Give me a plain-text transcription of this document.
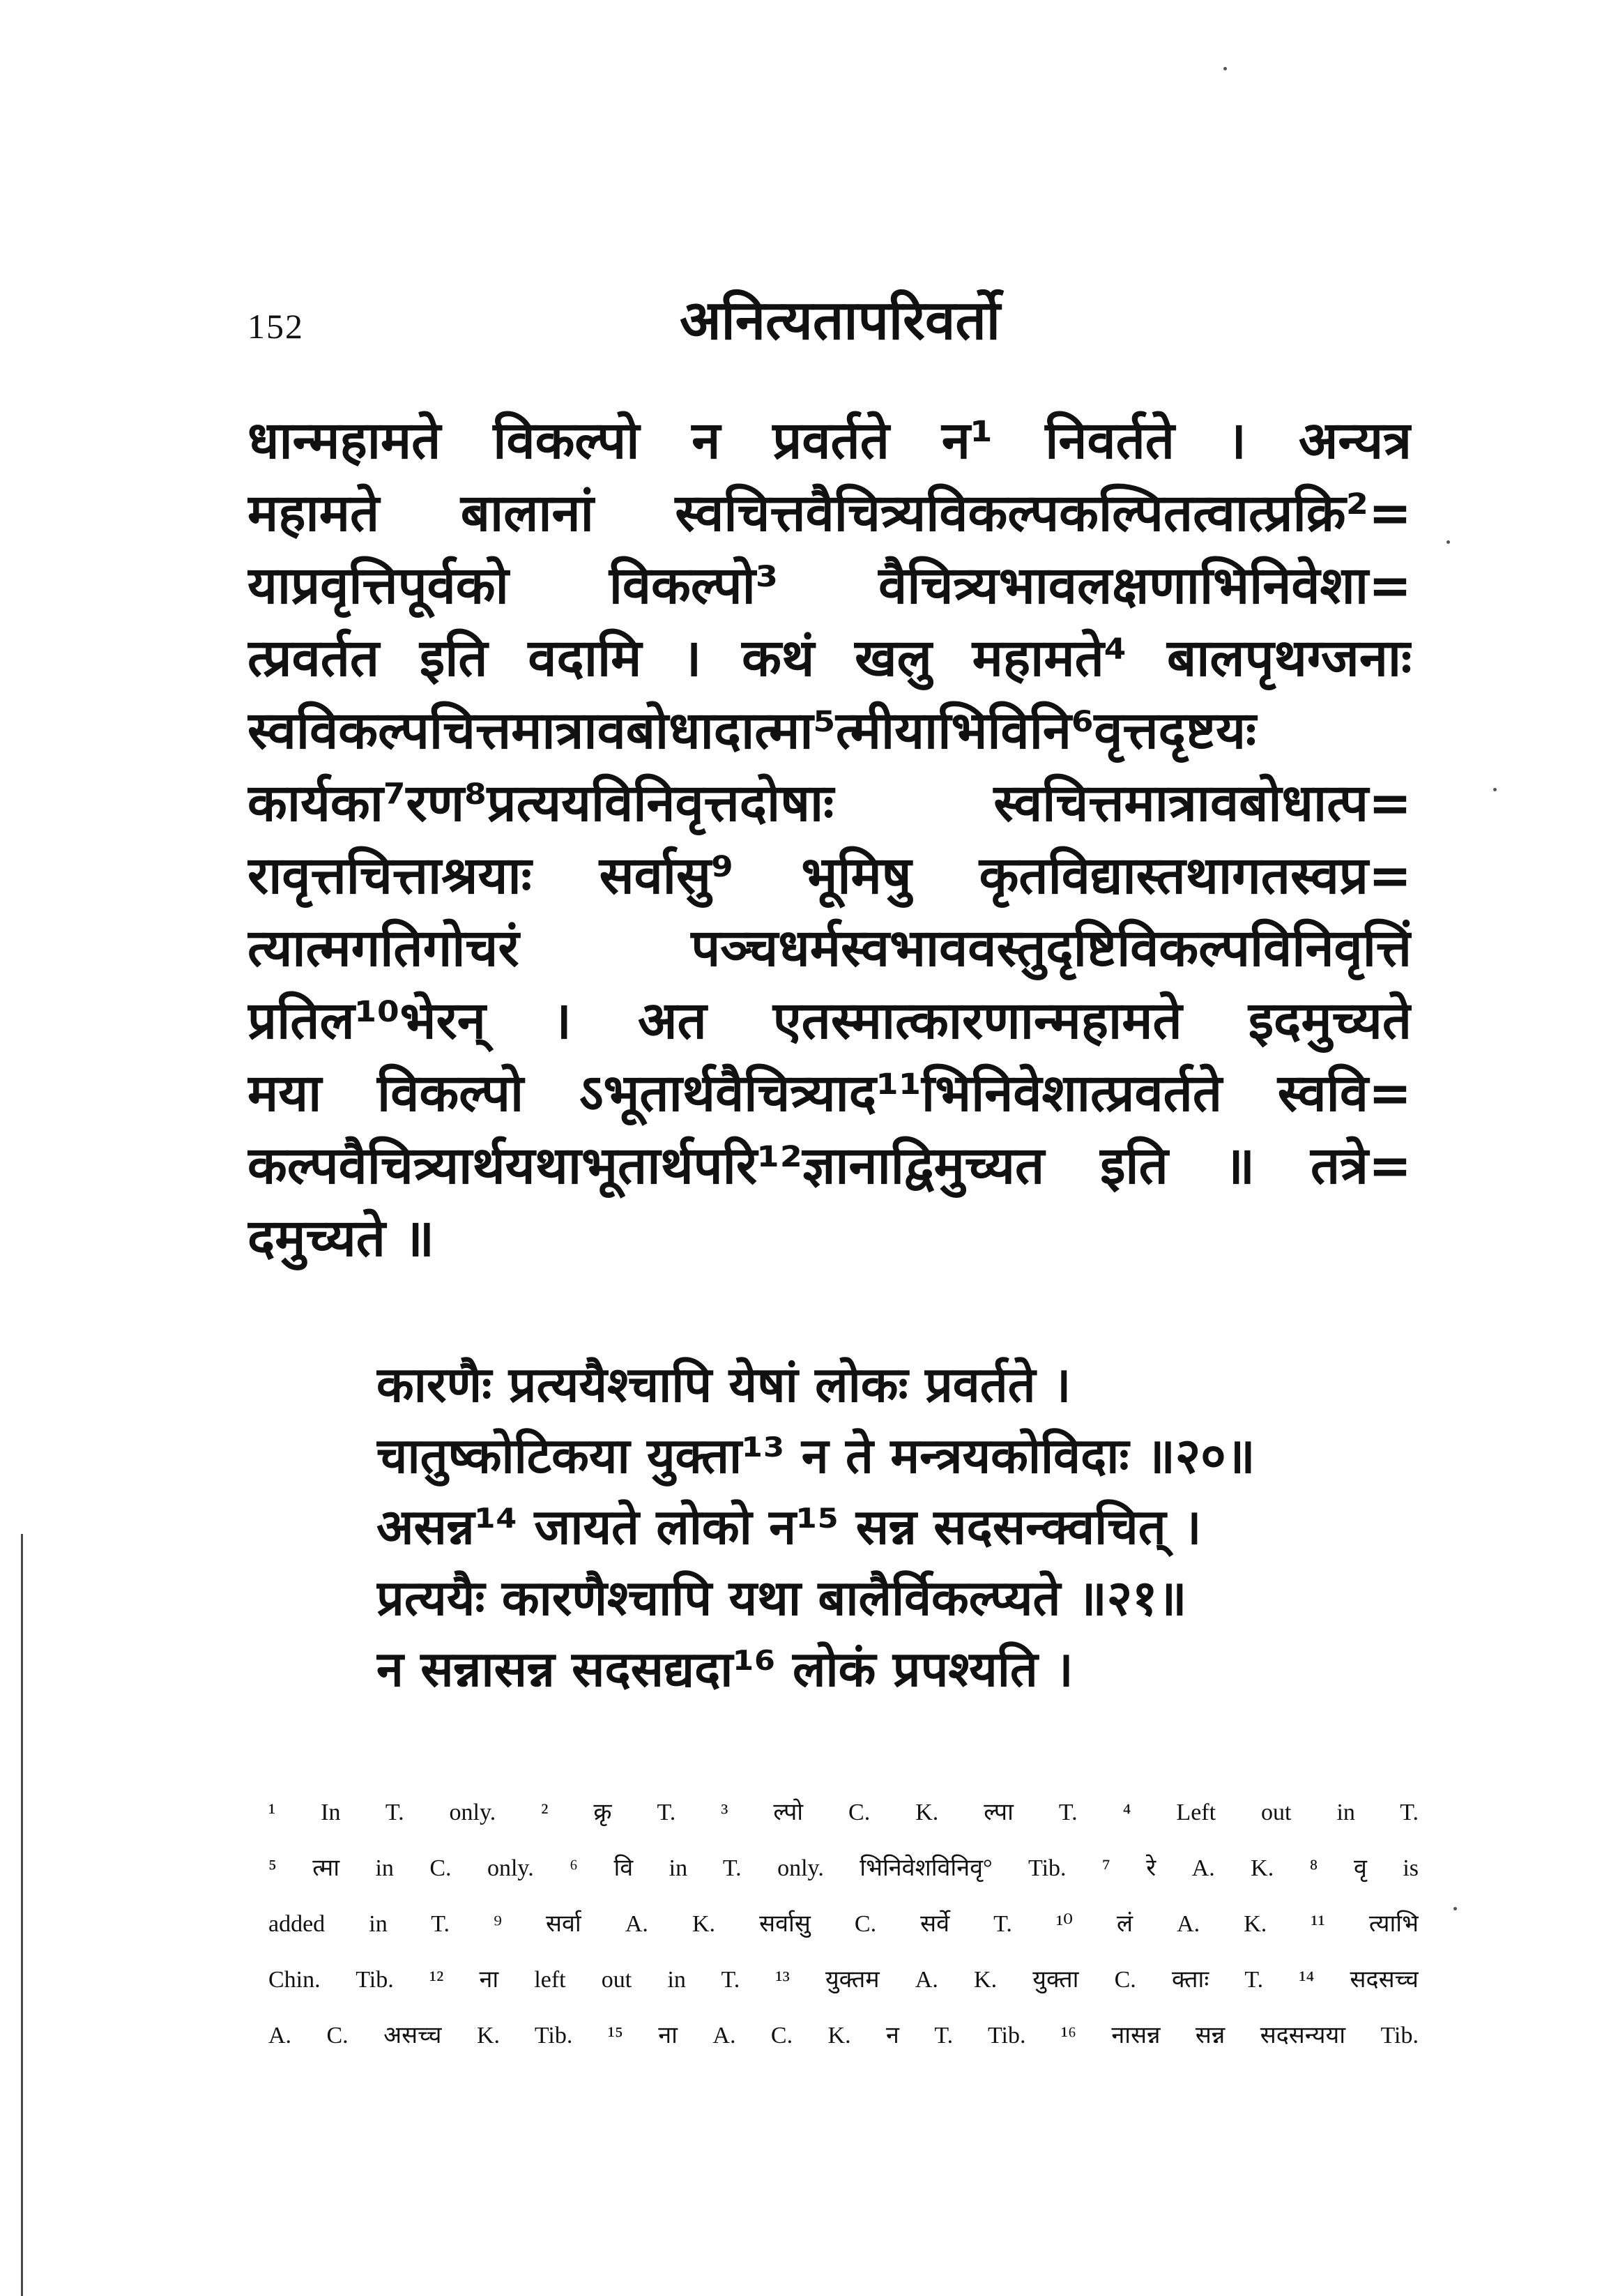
152	अनित्यतापरिवर्तो
धान्महामते विकल्पो न प्रवर्तते न¹ निवर्तते । अन्यत्र
महामते बालानां स्वचित्तवैचित्र्यविकल्पकल्पितत्वात्प्रक्रि²=
याप्रवृत्तिपूर्वको विकल्पो³ वैचित्र्यभावलक्षणाभिनिवेशा=
त्प्रवर्तत इति वदामि । कथं खलु महामते⁴ बालपृथग्जनाः
स्वविकल्पचित्तमात्रावबोधादात्मा⁵त्मीयाभिविनि⁶वृत्तदृष्टयः
कार्यका⁷रण⁸प्रत्ययविनिवृत्तदोषाः स्वचित्तमात्रावबोधात्प=
रावृत्तचित्ताश्रयाः सर्वासु⁹ भूमिषु कृतविद्यास्तथागतस्वप्र=
त्यात्मगतिगोचरं पञ्चधर्मस्वभाववस्तुदृष्टिविकल्पविनिवृत्तिं
प्रतिल¹⁰भेरन् । अत एतस्मात्कारणान्महामते इदमुच्यते
मया विकल्पो ऽभूतार्थवैचित्र्याद¹¹भिनिवेशात्प्रवर्तते स्ववि=
कल्पवैचित्र्यार्थयथाभूतार्थपरि¹²ज्ञानाद्विमुच्यत इति ॥ तत्रे=
दमुच्यते ॥
कारणैः प्रत्ययैश्चापि येषां लोकः प्रवर्तते ।
चातुष्कोटिकया युक्ता¹³ न ते मन्त्रयकोविदाः ॥२०॥
असन्न¹⁴ जायते लोको न¹⁵ सन्न सदसन्क्वचित् ।
प्रत्ययैः कारणैश्चापि यथा बालैर्विकल्प्यते ॥२१॥
न सन्नासन्न सदसद्यदा¹⁶ लोकं प्रपश्यति ।
¹ In T. only. ² क्रृ T. ³ ल्पो C. K. ल्पा T. ⁴ Left out in T.
⁵ त्मा in C. only. ⁶ वि in T. only. भिनिवेशविनिवृ° Tib. ⁷ रे A. K. ⁸ वृ is
added in T. ⁹ सर्वा A. K. सर्वासु C. सर्वे T. ¹⁰ लं A. K. ¹¹ त्याभि
Chin. Tib. ¹² ना left out in T. ¹³ युक्तम A. K. युक्ता C. क्ताः T. ¹⁴ सदसच्च
A. C. असच्च K. Tib. ¹⁵ ना A. C. K. न T. Tib. ¹⁶ नासन्न सन्न सदसन्यया Tib.
